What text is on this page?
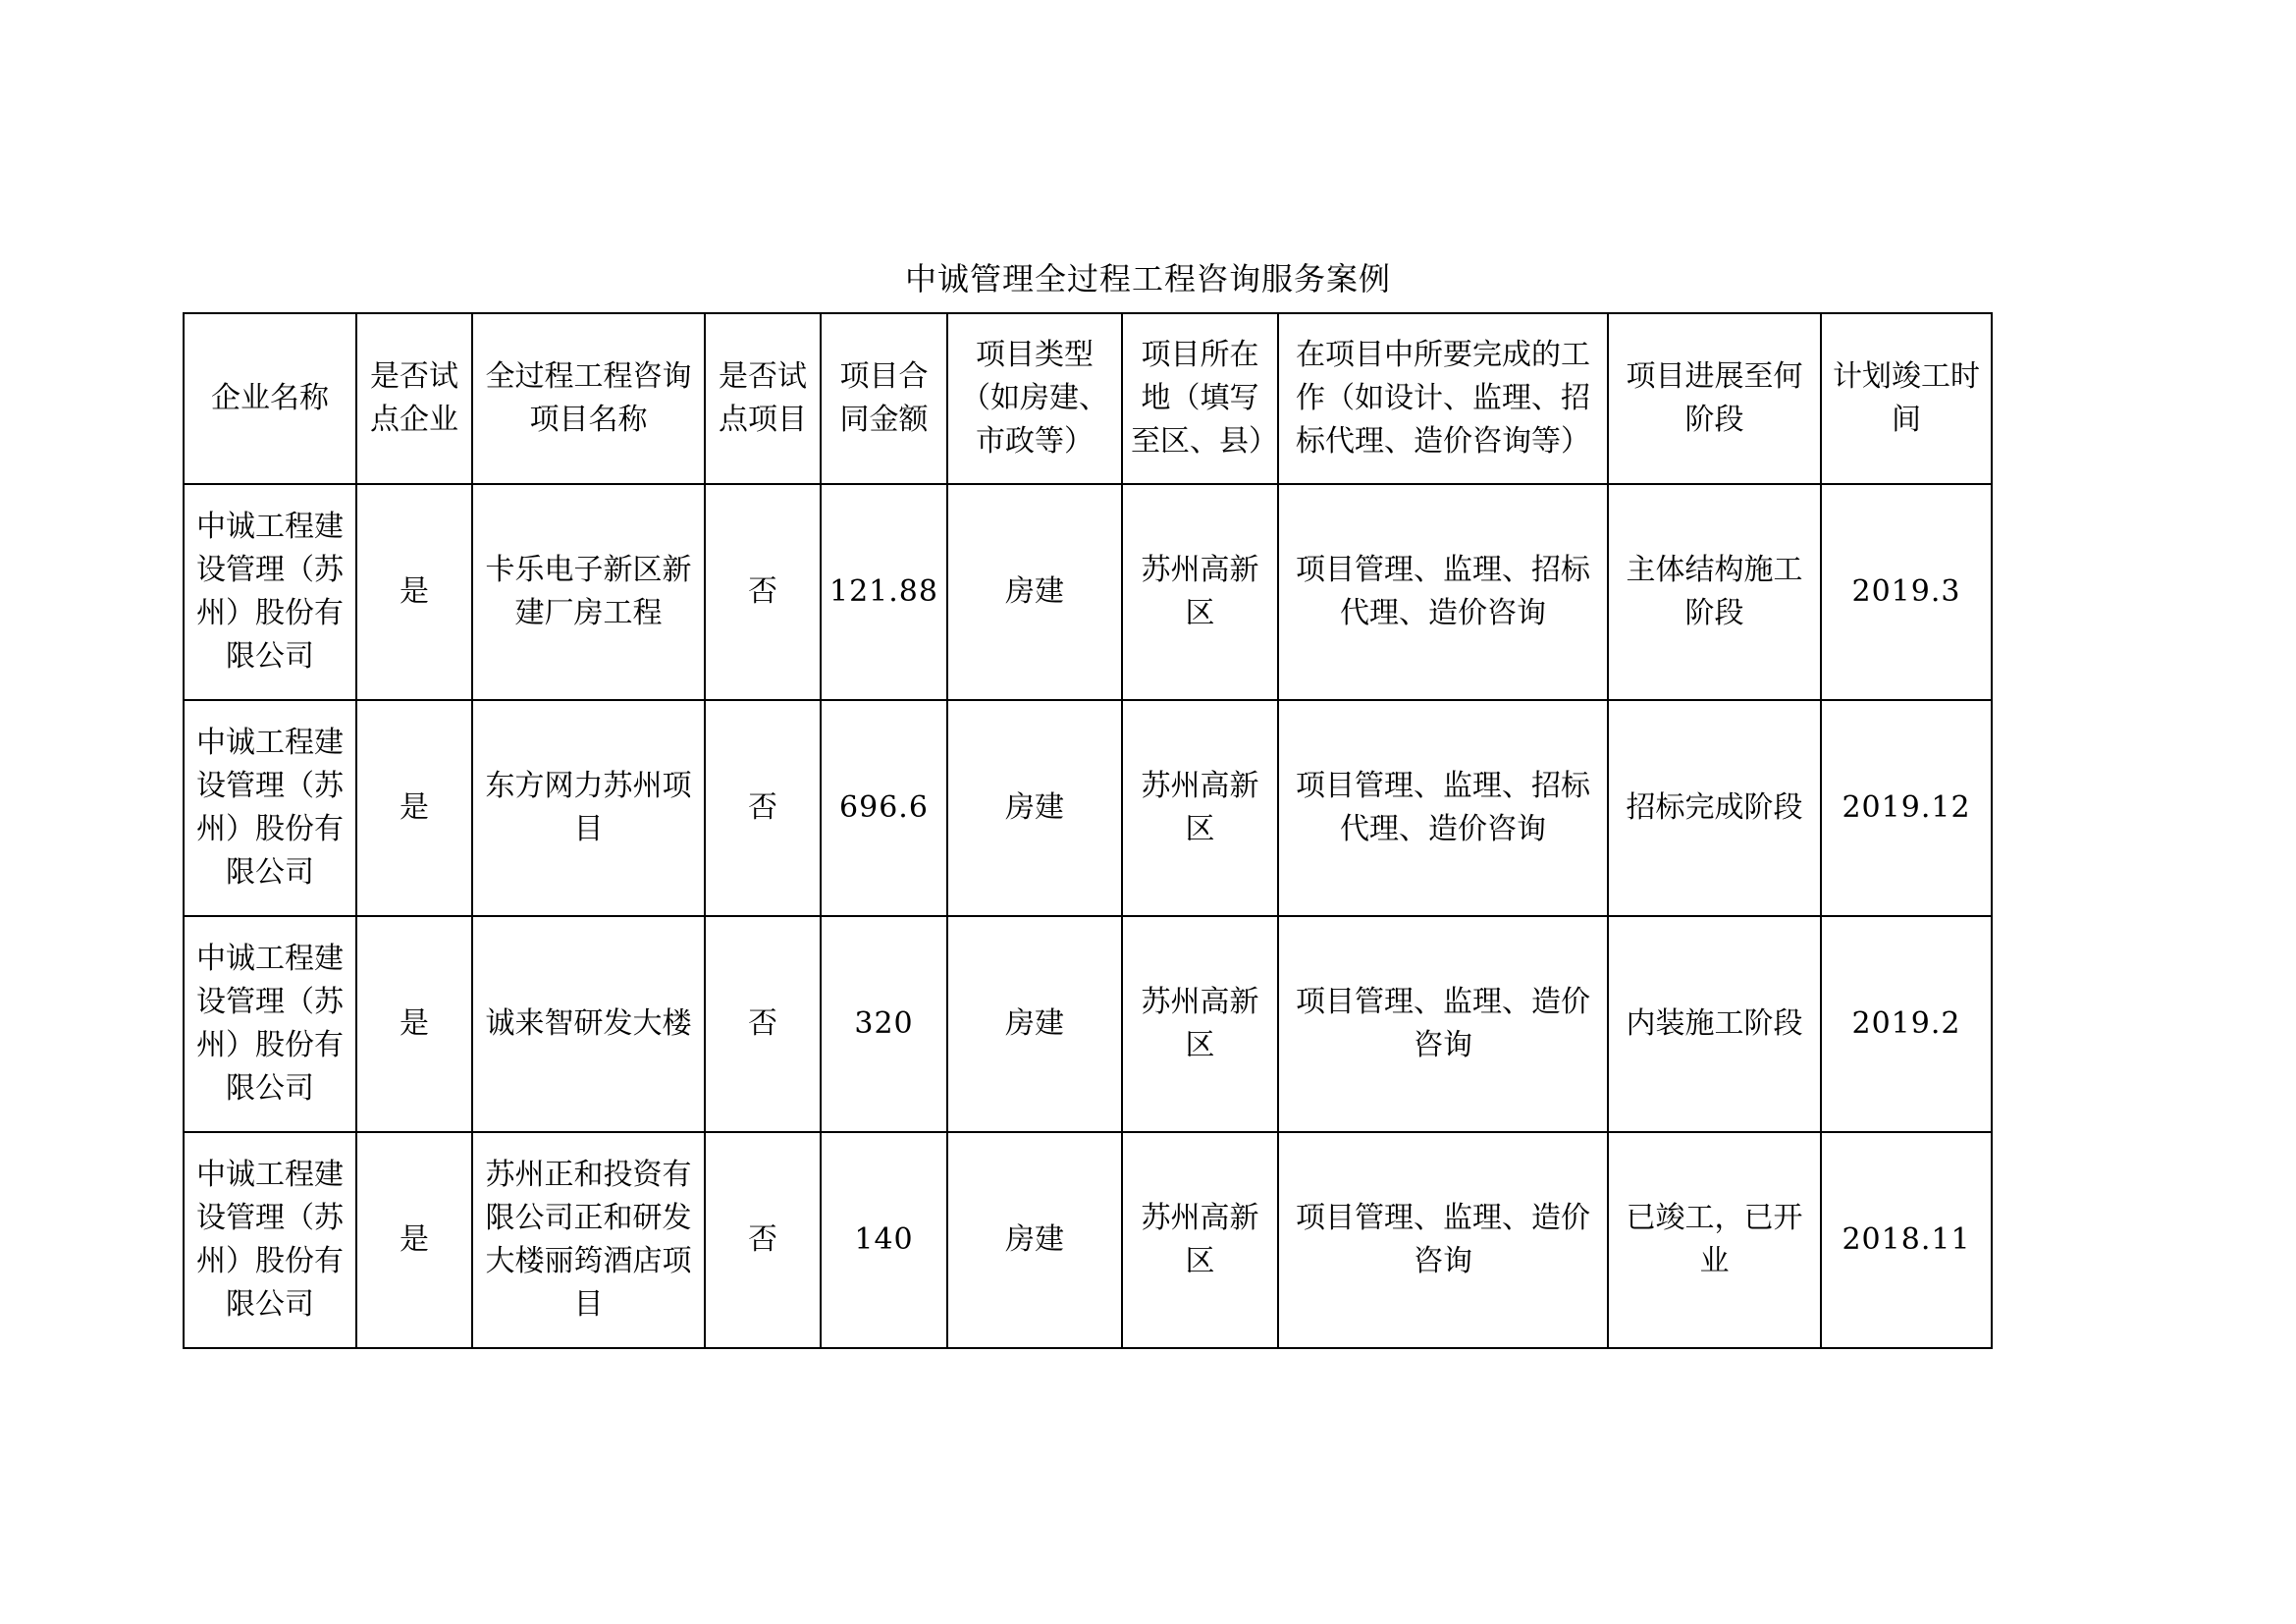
中诚管理全过程工程咨询服务案例
企业名称	是否试点企业	全过程工程咨询项目名称	是否试点项目	项目合同金额	项目类型（如房建、市政等）	项目所在地（填写至区、县）	在项目中所要完成的工作（如设计、监理、招标代理、造价咨询等）	项目进展至何阶段	计划竣工时间
中诚工程建设管理（苏州）股份有限公司	是	卡乐电子新区新建厂房工程	否	121.88	房建	苏州高新区	项目管理、监理、招标代理、造价咨询	主体结构施工阶段	2019.3
中诚工程建设管理（苏州）股份有限公司	是	东方网力苏州项目	否	696.6	房建	苏州高新区	项目管理、监理、招标代理、造价咨询	招标完成阶段	2019.12
中诚工程建设管理（苏州）股份有限公司	是	诚来智研发大楼	否	320	房建	苏州高新区	项目管理、监理、造价咨询	内装施工阶段	2019.2
中诚工程建设管理（苏州）股份有限公司	是	苏州正和投资有限公司正和研发大楼丽筠酒店项目	否	140	房建	苏州高新区	项目管理、监理、造价咨询	已竣工，已开业	2018.11
